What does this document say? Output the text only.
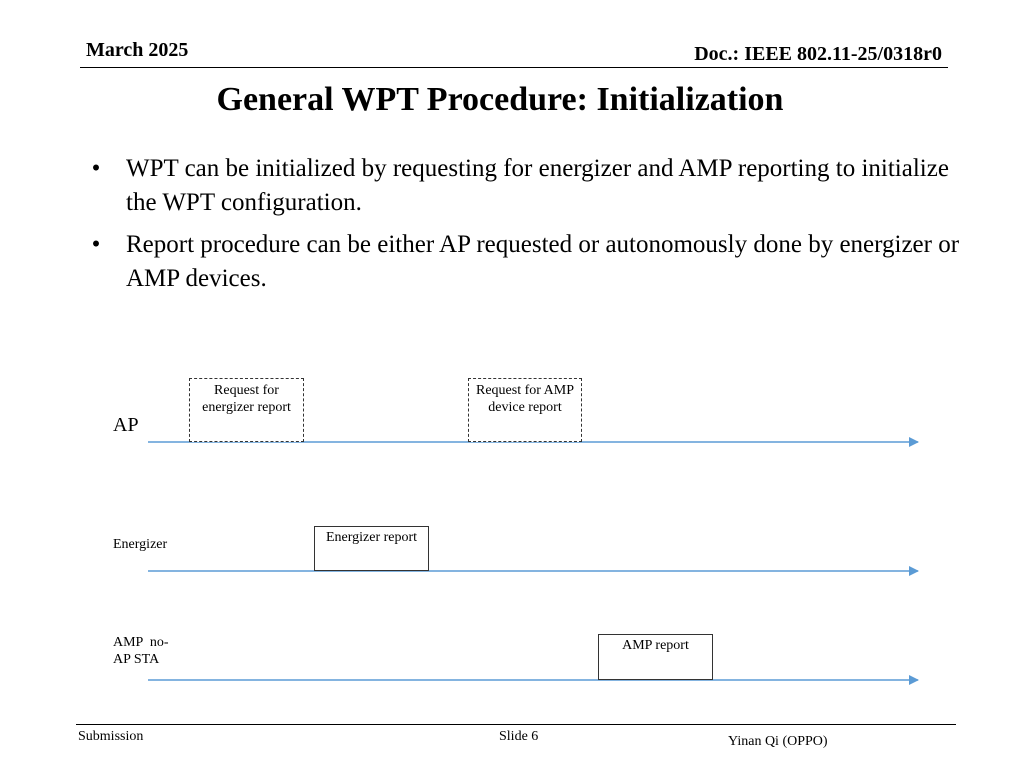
March 2025	Doc.: IEEE 802.11-25/0318r0
General WPT Procedure: Initialization
• WPT can be initialized by requesting for energizer and AMP reporting to initialize the WPT configuration.
• Report procedure can be either AP requested or autonomously done by energizer or AMP devices.
AP
Energizer
AMP  no-
AP STA
Request for
energizer report
Request for AMP
device report
Energizer report
AMP report
Submission	Slide 6	Yinan Qi (OPPO)
